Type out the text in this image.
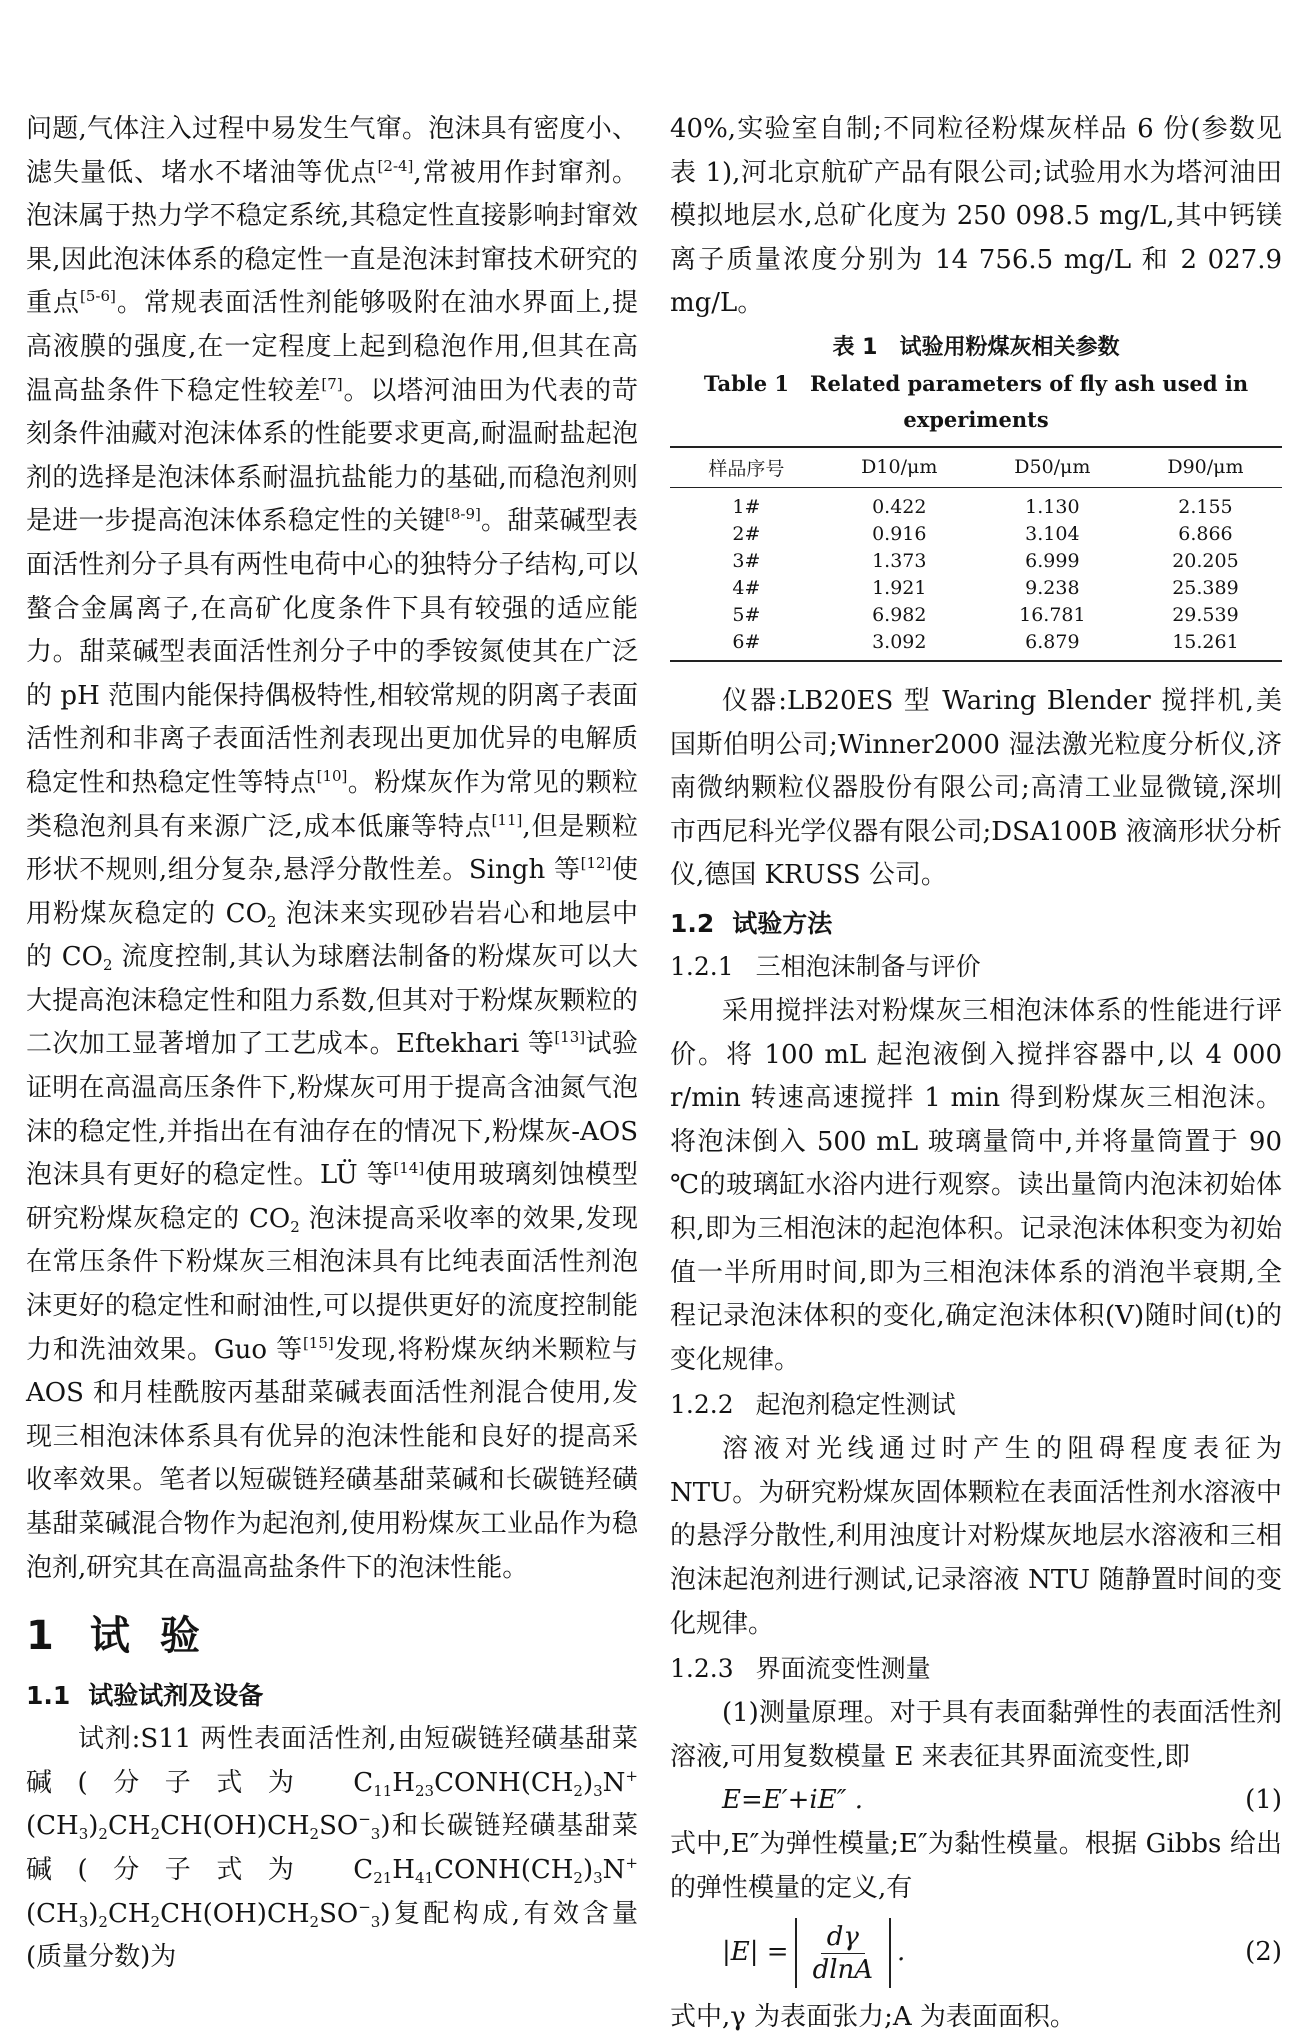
问题,气体注入过程中易发生气窜。泡沫具有密度小、滤失量低、堵水不堵油等优点[2-4],常被用作封窜剂。泡沫属于热力学不稳定系统,其稳定性直接影响封窜效果,因此泡沫体系的稳定性一直是泡沫封窜技术研究的重点[5-6]。常规表面活性剂能够吸附在油水界面上,提高液膜的强度,在一定程度上起到稳泡作用,但其在高温高盐条件下稳定性较差[7]。以塔河油田为代表的苛刻条件油藏对泡沫体系的性能要求更高,耐温耐盐起泡剂的选择是泡沫体系耐温抗盐能力的基础,而稳泡剂则是进一步提高泡沫体系稳定性的关键[8-9]。甜菜碱型表面活性剂分子具有两性电荷中心的独特分子结构,可以螯合金属离子,在高矿化度条件下具有较强的适应能力。甜菜碱型表面活性剂分子中的季铵氮使其在广泛的 pH 范围内能保持偶极特性,相较常规的阴离子表面活性剂和非离子表面活性剂表现出更加优异的电解质稳定性和热稳定性等特点[10]。粉煤灰作为常见的颗粒类稳泡剂具有来源广泛,成本低廉等特点[11],但是颗粒形状不规则,组分复杂,悬浮分散性差。Singh 等[12]使用粉煤灰稳定的 $CO_2$ 泡沫来实现砂岩岩心和地层中的 $CO_2$ 流度控制,其认为球磨法制备的粉煤灰可以大大提高泡沫稳定性和阻力系数,但其对于粉煤灰颗粒的二次加工显著增加了工艺成本。Eftekhari 等[13]试验证明在高温高压条件下,粉煤灰可用于提高含油氮气泡沫的稳定性,并指出在有油存在的情况下,粉煤灰-AOS 泡沫具有更好的稳定性。LÜ 等[14]使用玻璃刻蚀模型研究粉煤灰稳定的 $CO_2$ 泡沫提高采收率的效果,发现在常压条件下粉煤灰三相泡沫具有比纯表面活性剂泡沫更好的稳定性和耐油性,可以提供更好的流度控制能力和洗油效果。Guo 等[15]发现,将粉煤灰纳米颗粒与 AOS 和月桂酰胺丙基甜菜碱表面活性剂混合使用,发现三相泡沫体系具有优异的泡沫性能和良好的提高采收率效果。笔者以短碳链羟磺基甜菜碱和长碳链羟磺基甜菜碱混合物作为起泡剂,使用粉煤灰工业品作为稳泡剂,研究其在高温高盐条件下的泡沫性能。

1 试验
1.1 试验试剂及设备

试剂:S11 两性表面活性剂,由短碳链羟磺基甜菜碱(分子式为 $C_{11}H_{23}CONH(CH_2)_3N^+(CH_3)_2CH_2CH(OH)CH_2SO^-_3$)和长碳链羟磺基甜菜碱(分子式为 $C_{21}H_{41}CONH(CH_2)_3N^+(CH_3)_2CH_2CH(OH)CH_2SO^-_3$)复配构成,有效含量(质量分数)为

40%,实验室自制;不同粒径粉煤灰样品 6 份(参数见表 1),河北京航矿产品有限公司;试验用水为塔河油田模拟地层水,总矿化度为 250 098.5 mg/L,其中钙镁离子质量浓度分别为 14 756.5 mg/L 和 2 027.9 mg/L。

表 1　试验用粉煤灰相关参数

Table 1　Related parameters of fly ash used in experiments

样品序号	D10/μm	D50/μm	D90/μm
1#	0.422	1.130	2.155
2#	0.916	3.104	6.866
3#	1.373	6.999	20.205
4#	1.921	9.238	25.389
5#	6.982	16.781	29.539
6#	3.092	6.879	15.261

仪器:LB20ES 型 Waring Blender 搅拌机,美国斯伯明公司;Winner2000 湿法激光粒度分析仪,济南微纳颗粒仪器股份有限公司;高清工业显微镜,深圳市西尼科光学仪器有限公司;DSA100B 液滴形状分析仪,德国 KRUSS 公司。

1.2 试验方法
1.2.1 三相泡沫制备与评价

采用搅拌法对粉煤灰三相泡沫体系的性能进行评价。将 100 mL 起泡液倒入搅拌容器中,以 4 000 r/min 转速高速搅拌 1 min 得到粉煤灰三相泡沫。将泡沫倒入 500 mL 玻璃量筒中,并将量筒置于 90 ℃的玻璃缸水浴内进行观察。读出量筒内泡沫初始体积,即为三相泡沫的起泡体积。记录泡沫体积变为初始值一半所用时间,即为三相泡沫体系的消泡半衰期,全程记录泡沫体积的变化,确定泡沫体积(V)随时间(t)的变化规律。

1.2.2 起泡剂稳定性测试

溶液对光线通过时产生的阻碍程度表征为 NTU。为研究粉煤灰固体颗粒在表面活性剂水溶液中的悬浮分散性,利用浊度计对粉煤灰地层水溶液和三相泡沫起泡剂进行测试,记录溶液 NTU 随静置时间的变化规律。

1.2.3 界面流变性测量

(1)测量原理。对于具有表面黏弹性的表面活性剂溶液,可用复数模量 E 来表征其界面流变性,即

E=E′+iE″ .	(1)

式中,E″为弹性模量;E″为黏性模量。根据 Gibbs 给出的弹性模量的定义,有

|E| =
dγ
dlnA
.	(2)

式中,γ 为表面张力;A 为表面面积。
